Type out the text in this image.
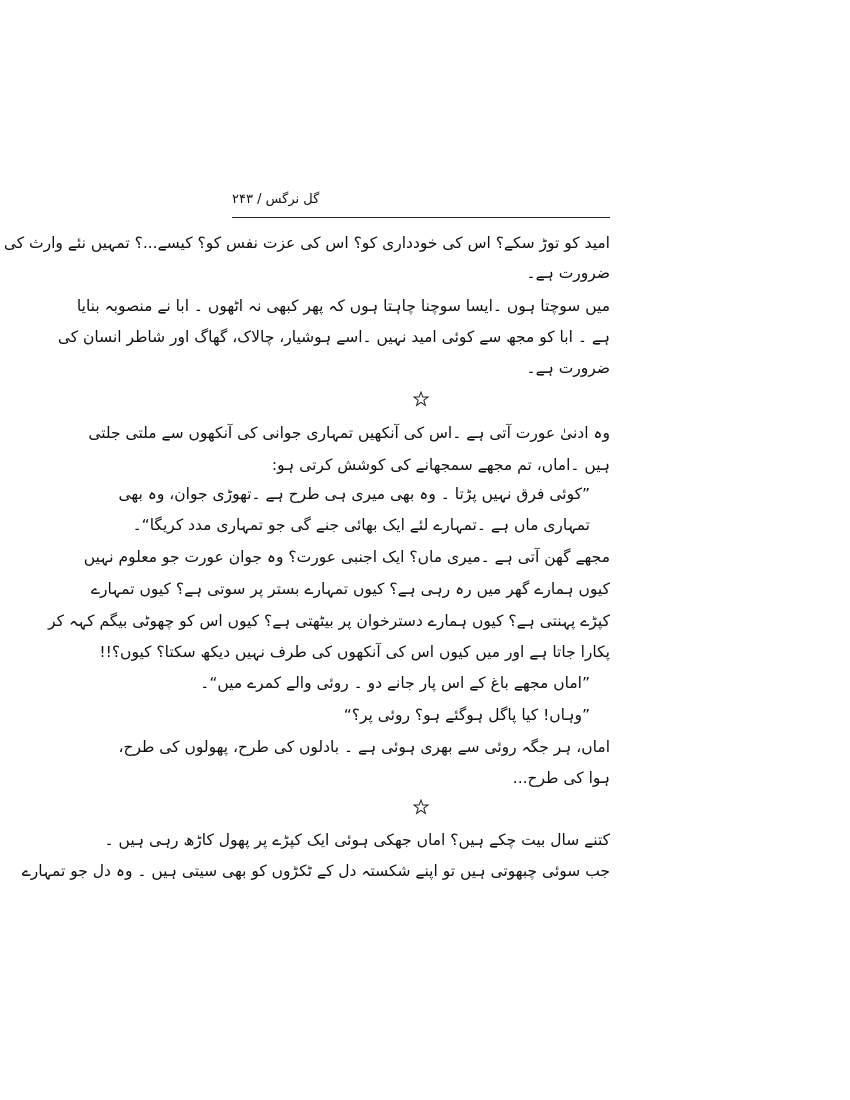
گل نرگس / ۲۴۳
امید کو توڑ سکے؟ اس کی خودداری کو؟ اس کی عزت نفس کو؟ کیسے...؟ تمہیں نئے وارث کی
ضرورت ہے۔
میں سوچتا ہوں ۔ایسا سوچنا چاہتا ہوں کہ پھر کبھی نہ اٹھوں ۔ ابا نے منصوبہ بنایا
ہے ۔ ابا کو مجھ سے کوئی امید نہیں ۔اسے ہوشیار، چالاک، گھاگ اور شاطر انسان کی
ضرورت ہے۔
وہ ادنیٰ عورت آتی ہے ۔اس کی آنکھیں تمہاری جوانی کی آنکھوں سے ملتی جلتی
ہیں ۔اماں، تم مجھے سمجھانے کی کوشش کرتی ہو:
”کوئی فرق نہیں پڑتا ۔ وہ بھی میری ہی طرح ہے ۔تھوڑی جوان، وہ بھی
تمہاری ماں ہے ۔تمہارے لئے ایک بھائی جنے گی جو تمہاری مدد کریگا“۔
مجھے گھن آتی ہے ۔میری ماں؟ ایک اجنبی عورت؟ وہ جوان عورت جو معلوم نہیں
کیوں ہمارے گھر میں رہ رہی ہے؟ کیوں تمہارے بستر پر سوتی ہے؟ کیوں تمہارے
کپڑے پہنتی ہے؟ کیوں ہمارے دسترخوان پر بیٹھتی ہے؟ کیوں اس کو چھوٹی بیگم کہہ کر
پکارا جاتا ہے اور میں کیوں اس کی آنکھوں کی طرف نہیں دیکھ سکتا؟ کیوں؟!!
”اماں مجھے باغ کے اس پار جانے دو ۔ روئی والے کمرے میں“۔
”وہاں! کیا پاگل ہوگئے ہو؟ روئی پر؟“
اماں، ہر جگہ روئی سے بھری ہوئی ہے ۔ بادلوں کی طرح، پھولوں کی طرح،
ہوا کی طرح...
کتنے سال بیت چکے ہیں؟ اماں جھکی ہوئی ایک کپڑے پر پھول کاڑھ رہی ہیں ۔
جب سوئی چبھوتی ہیں تو اپنے شکستہ دل کے ٹکڑوں کو بھی سیتی ہیں ۔ وہ دل جو تمہارے
